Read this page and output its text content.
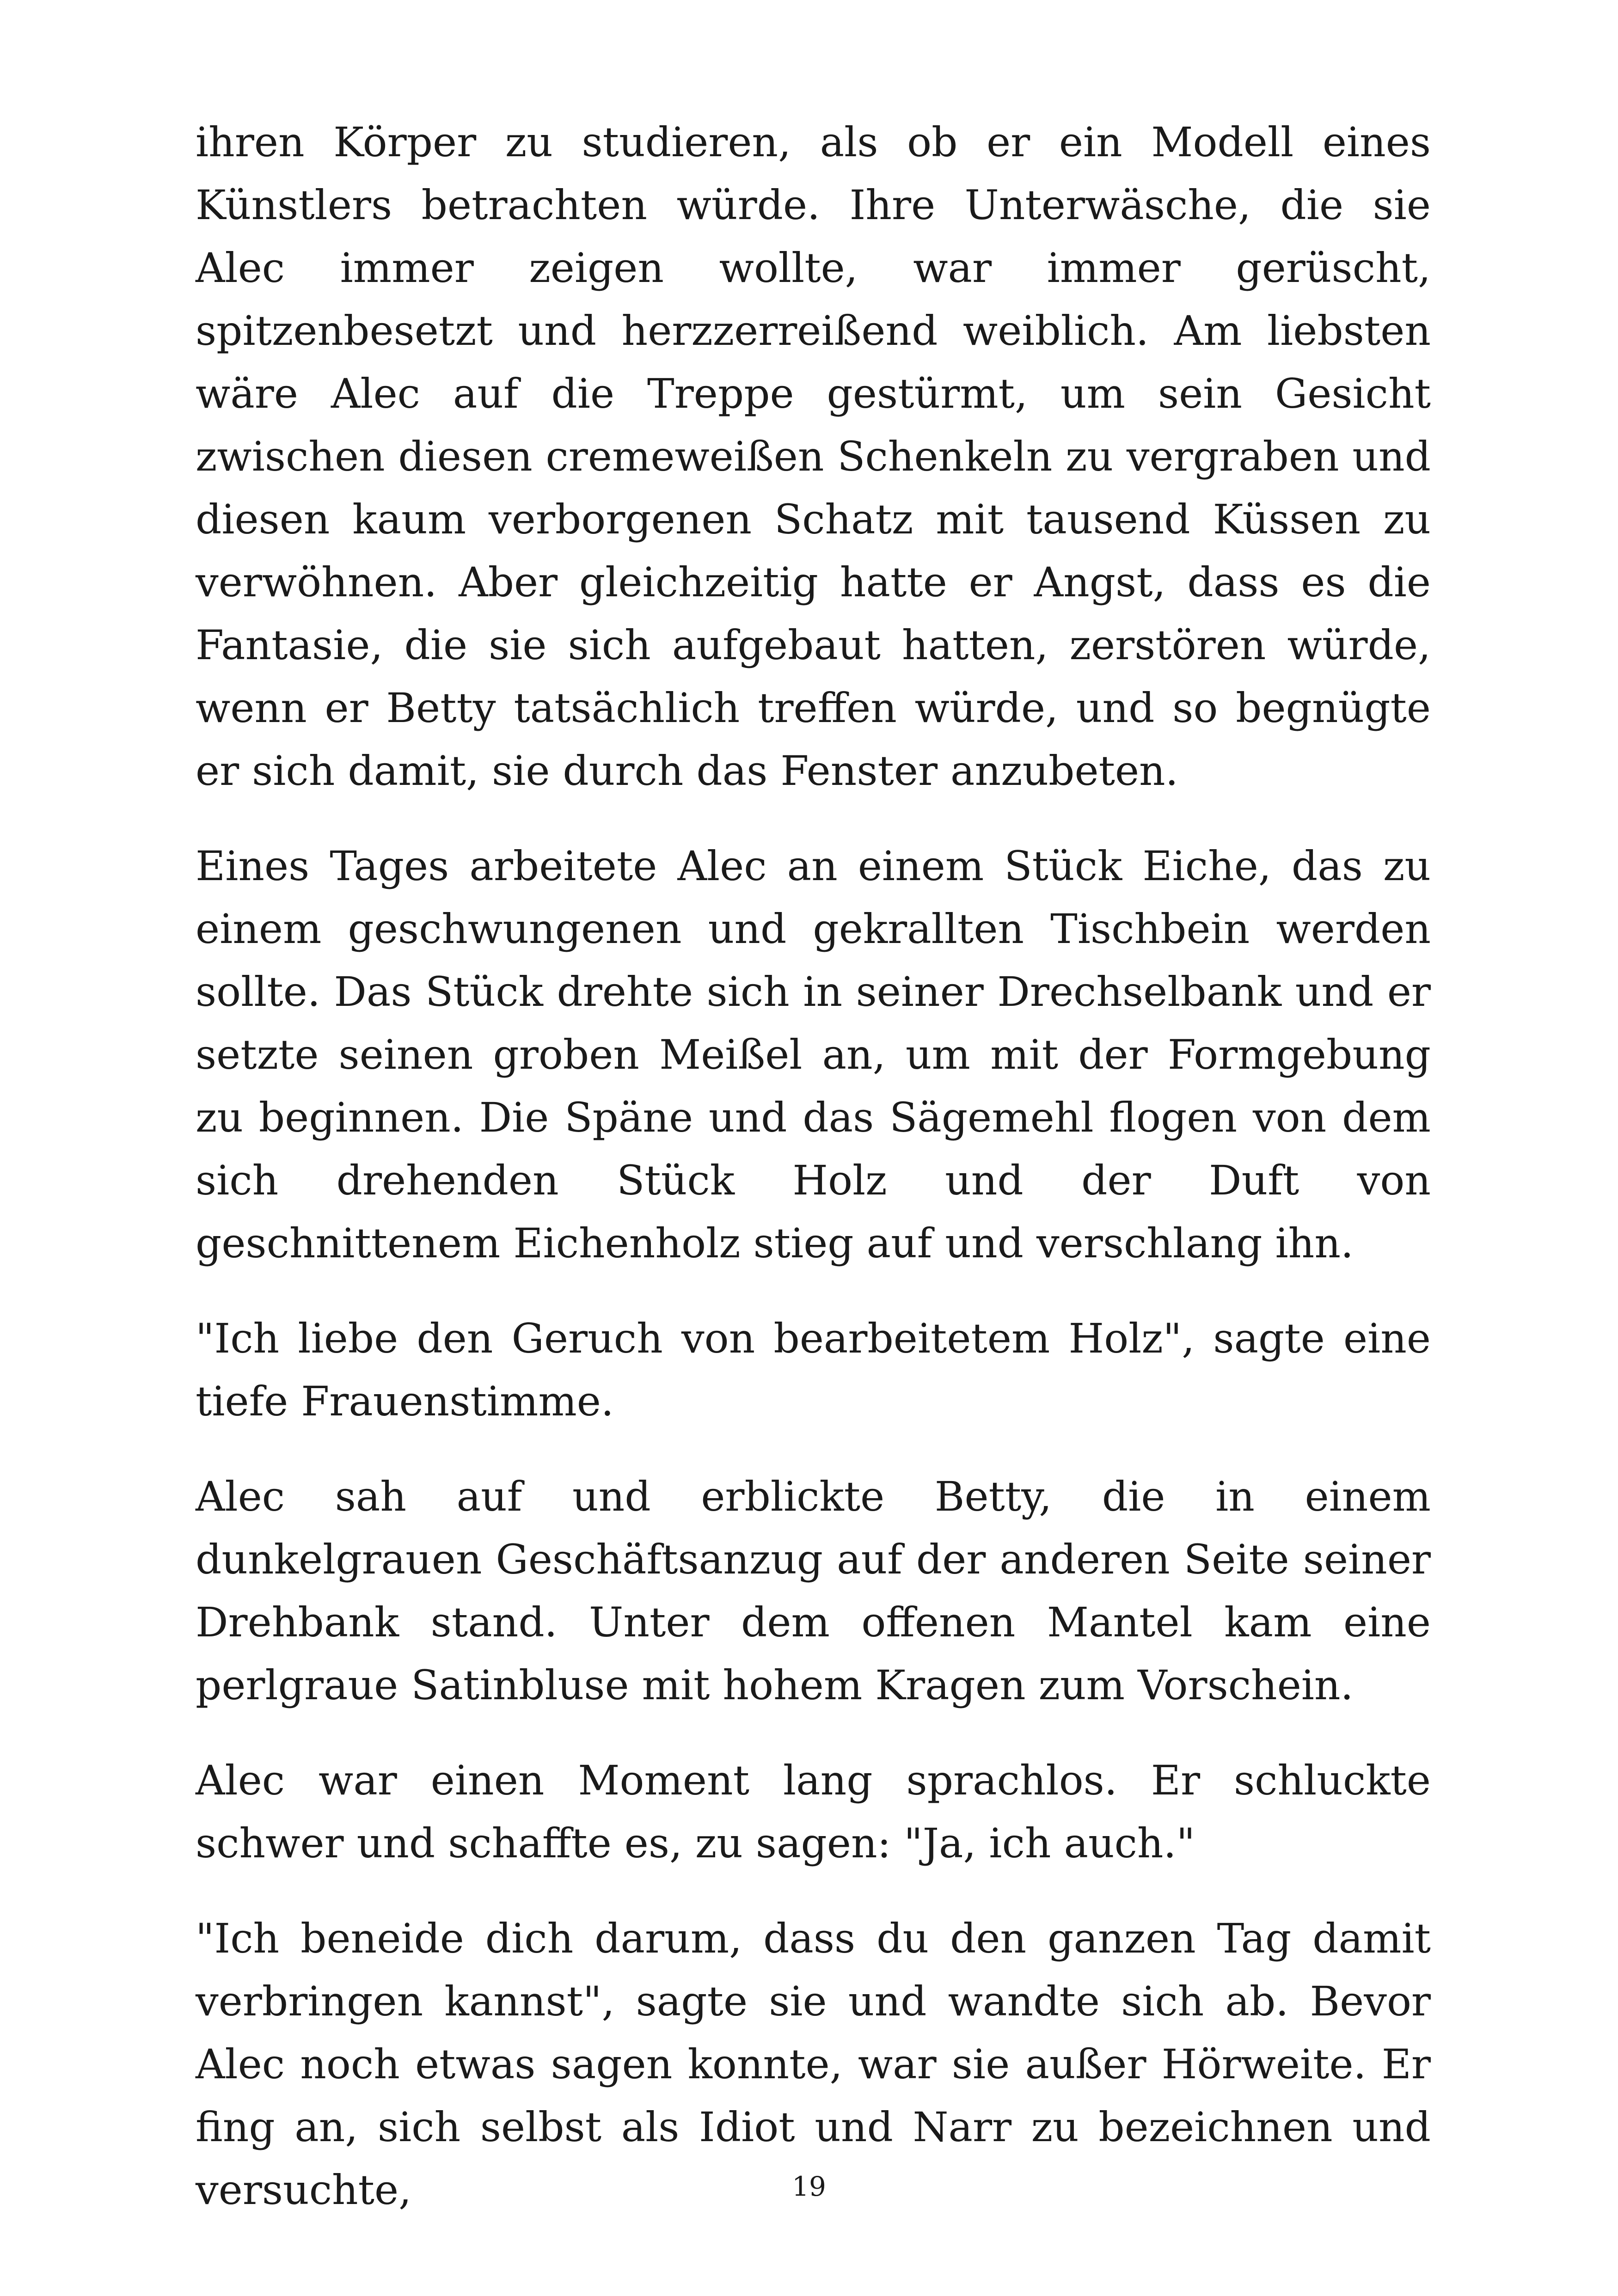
ihren Körper zu studieren, als ob er ein Modell eines Künstlers betrachten würde. Ihre Unterwäsche, die sie Alec immer zeigen wollte, war immer gerüscht, spitzenbesetzt und herzzerreißend weiblich. Am liebsten wäre Alec auf die Treppe gestürmt, um sein Gesicht zwischen diesen cremeweißen Schenkeln zu vergraben und diesen kaum verborgenen Schatz mit tausend Küssen zu verwöhnen. Aber gleichzeitig hatte er Angst, dass es die Fantasie, die sie sich aufgebaut hatten, zerstören würde, wenn er Betty tatsächlich treffen würde, und so begnügte er sich damit, sie durch das Fenster anzubeten.

Eines Tages arbeitete Alec an einem Stück Eiche, das zu einem geschwungenen und gekrallten Tischbein werden sollte. Das Stück drehte sich in seiner Drechselbank und er setzte seinen groben Meißel an, um mit der Formgebung zu beginnen. Die Späne und das Sägemehl flogen von dem sich drehenden Stück Holz und der Duft von geschnittenem Eichenholz stieg auf und verschlang ihn.

"Ich liebe den Geruch von bearbeitetem Holz", sagte eine tiefe Frauenstimme.

Alec sah auf und erblickte Betty, die in einem dunkelgrauen Geschäftsanzug auf der anderen Seite seiner Drehbank stand. Unter dem offenen Mantel kam eine perlgraue Satinbluse mit hohem Kragen zum Vorschein.

Alec war einen Moment lang sprachlos. Er schluckte schwer und schaffte es, zu sagen: "Ja, ich auch."

"Ich beneide dich darum, dass du den ganzen Tag damit verbringen kannst", sagte sie und wandte sich ab. Bevor Alec noch etwas sagen konnte, war sie außer Hörweite. Er fing an, sich selbst als Idiot und Narr zu bezeichnen und versuchte,	19
